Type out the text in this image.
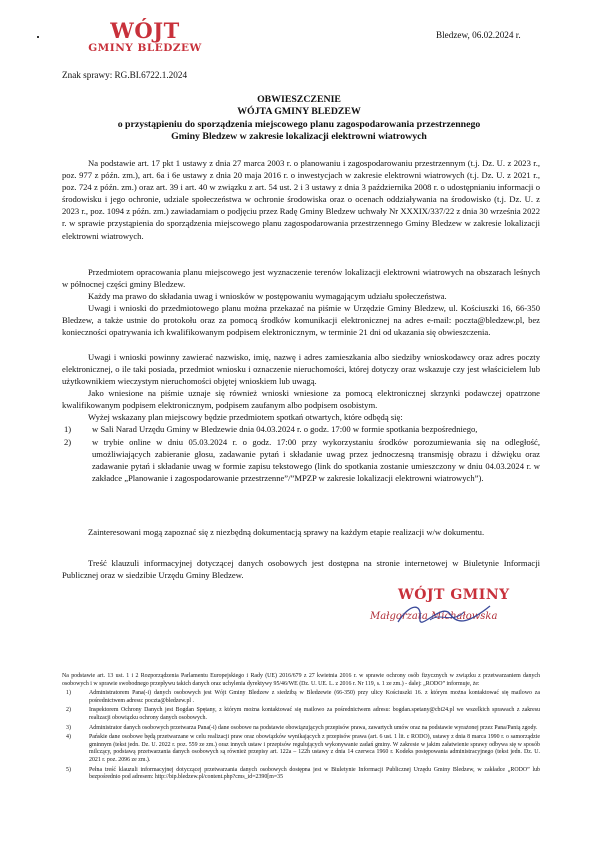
WÓJT
GMINY BLEDZEW
Bledzew, 06.02.2024 r.
Znak sprawy: RG.BI.6722.1.2024
OBWIESZCZENIE
WÓJTA GMINY BLEDZEW
o przystąpieniu do sporządzenia miejscowego planu zagospodarowania przestrzennego
Gminy Bledzew w zakresie lokalizacji elektrowni wiatrowych

Na podstawie art. 17 pkt 1 ustawy z dnia 27 marca 2003 r. o planowaniu i zagospodarowaniu przestrzennym (t.j. Dz. U. z 2023 r., poz. 977 z późn. zm.), art. 6a i 6e ustawy z dnia 20 maja 2016 r. o inwestycjach w zakresie elektrowni wiatrowych (t.j. Dz. U. z 2021 r., poz. 724 z późn. zm.) oraz art. 39 i art. 40 w związku z art. 54 ust. 2 i 3 ustawy z dnia 3 października 2008 r. o udostępnianiu informacji o środowisku i jego ochronie, udziale społeczeństwa w ochronie środowiska oraz o ocenach oddziaływania na środowisko (t.j. Dz. U. z 2023 r., poz. 1094 z późn. zm.) zawiadamiam o podjęciu przez Radę Gminy Bledzew uchwały Nr XXXIX/337/22 z dnia 30 września 2022 r. w sprawie przystąpienia do sporządzenia miejscowego planu zagospodarowania przestrzennego Gminy Bledzew w zakresie lokalizacji elektrowni wiatrowych.

Przedmiotem opracowania planu miejscowego jest wyznaczenie terenów lokalizacji elektrowni wiatrowych na obszarach leśnych w północnej części gminy Bledzew.

Każdy ma prawo do składania uwag i wniosków w postępowaniu wymagającym udziału społeczeństwa.

Uwagi i wnioski do przedmiotowego planu można przekazać na piśmie w Urzędzie Gminy Bledzew, ul. Kościuszki 16, 66-350 Bledzew, a także ustnie do protokołu oraz za pomocą środków komunikacji elektronicznej na adres e-mail: poczta@bledzew.pl, bez konieczności opatrywania ich kwalifikowanym podpisem elektronicznym, w terminie 21 dni od ukazania się obwieszczenia.

Uwagi i wnioski powinny zawierać nazwisko, imię, nazwę i adres zamieszkania albo siedziby wnioskodawcy oraz adres poczty elektronicznej, o ile taki posiada, przedmiot wniosku i oznaczenie nieruchomości, której dotyczy oraz wskazuje czy jest właścicielem lub użytkownikiem wieczystym nieruchomości objętej wnioskiem lub uwagą.

Jako wniesione na piśmie uznaje się również wnioski wniesione za pomocą elektronicznej skrzynki podawczej opatrzone kwalifikowanym podpisem elektronicznym, podpisem zaufanym albo podpisem osobistym.

Wyżej wskazany plan miejscowy będzie przedmiotem spotkań otwartych, które odbędą się:

1) w Sali Narad Urzędu Gminy w Bledzewie dnia 04.03.2024 r. o godz. 17:00 w formie spotkania bezpośredniego,
2) w trybie online w dniu 05.03.2024 r. o godz. 17:00 przy wykorzystaniu środków porozumiewania się na odległość, umożliwiających zabieranie głosu, zadawanie pytań i składanie uwag przez jednoczesną transmisję obrazu i dźwięku oraz zadawanie pytań i składanie uwag w formie zapisu tekstowego (link do spotkania zostanie umieszczony w dniu 04.03.2024 r. w zakładce „Planowanie i zagospodarowanie przestrzenne”/”MPZP w zakresie lokalizacji elektrowni wiatrowych”).

Zainteresowani mogą zapoznać się z niezbędną dokumentacją sprawy na każdym etapie realizacji w/w dokumentu.

Treść klauzuli informacyjnej dotyczącej danych osobowych jest dostępna na stronie internetowej w Biuletynie Informacji Publicznej oraz w siedzibie Urzędu Gminy Bledzew.

WÓJT GMINY
Małgorzata Michałowska
Na podstawie art. 13 ust. 1 i 2 Rozporządzenia Parlamentu Europejskiego i Rady (UE) 2016/679 z 27 kwietnia 2016 r. w sprawie ochrony osób fizycznych w związku z przetwarzaniem danych osobowych i w sprawie swobodnego przepływu takich danych oraz uchylenia dyrektywy 95/46/WE (Dz. U. UE. L. z 2016 r. Nr 119, s. 1 ze zm.) - dalej: „RODO” informuje, że:
1)	Administratorem Pana(-i) danych osobowych jest Wójt Gminy Bledzew z siedzibą w Bledzewie (66-350) przy ulicy Kościuszki 16. z którym można kontaktować się mailowo za pośrednictwem adresu: poczta@bledzew.pl .
2)	Inspektorem Ochrony Danych jest Bogdan Spętany, z którym można kontaktować się mailowo za pośrednictwem adresu: bogdan.spetany@cbi24.pl we wszelkich sprawach z zakresu realizacji obowiązku ochrony danych osobowych.
3)	Administrator danych osobowych przetwarza Pana(-i) dane osobowe na podstawie obowiązujących przepisów prawa, zawartych umów oraz na podstawie wyrażonej przez Pana/Panią zgody.
4)	Pańskie dane osobowe będą przetwarzane w celu realizacji praw oraz obowiązków wynikających z przepisów prawa (art. 6 ust. 1 lit. c RODO), ustawy z dnia 8 marca 1990 r. o samorządzie gminnym (tekst jedn. Dz. U. 2022 r. poz. 559 ze zm.) oraz innych ustaw i przepisów regulujących wykonywanie zadań gminy. W zakresie w jakim załatwienie sprawy odbywa się w sposób milczący, podstawą przetwarzania danych osobowych są również przepisy art. 122a – 122h ustawy z dnia 14 czerwca 1960 r. Kodeks postępowania administracyjnego (tekst jedn. Dz. U. 2021 r. poz. 2096 ze zm.).
5)	Pełna treść klauzuli informacyjnej dotyczącej przetwarzania danych osobowych dostępna jest w Biuletynie Informacji Publicznej Urzędu Gminy Bledzew, w zakładce „RODO” lub bezpośrednio pod adresem: http://bip.bledzew.pl/content.php?cms_id=2390[m=35
